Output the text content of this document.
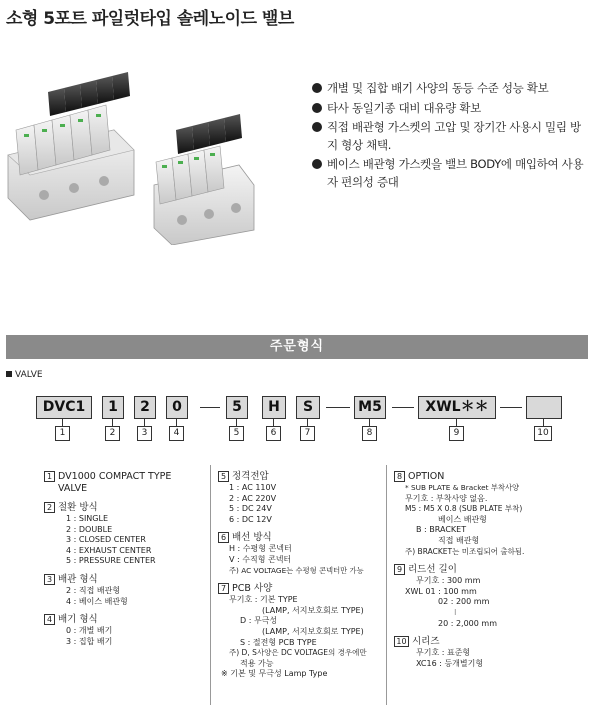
소형 5포트 파일럿타입 솔레노이드 밸브
개별 및 집합 배기 사양의 동등 수준 성능 확보
타사 동일기종 대비 대유량 확보
직접 배관형 가스켓의 고압 및 장기간 사용시 밀림 방지 형상 채택.
베이스 배관형 가스켓을 밸브 BODY에 매입하여 사용자 편의성 증대
주문형식
VALVE
DVC1	1	2	0	5	H	S	M5	XWL＊＊
1	2	3	4	5	6	7	8	9	10
1 DV1000 COMPACT TYPE
VALVE
2 절환 방식
1 : SINGLE
2 : DOUBLE
3 : CLOSED CENTER
4 : EXHAUST CENTER
5 : PRESSURE CENTER
3 배관 형식
2 : 직접 배관형
4 : 베이스 배관형
4 배기 형식
0 : 개별 배기
3 : 집합 배기
5 정격전압
1 : AC 110V
2 : AC 220V
5 : DC 24V
6 : DC 12V
6 배선 방식
H : 수평형 콘넥터
V : 수직형 콘넥터
주) AC VOLTAGE는 수평형 콘넥터만 가능
7 PCB 사양
무기호 : 기본 TYPE
(LAMP, 서지보호회로 TYPE)
D : 무극성
(LAMP, 서지보호회로 TYPE)
S : 절전형 PCB TYPE
주) D, S사양은 DC VOLTAGE의 경우에만
적용 가능
※ 기본 및 무극성 Lamp Type
8 OPTION
* SUB PLATE & Bracket 부착사양
무기호 : 부착사양 없음.
M5 : M5 X 0.8 (SUB PLATE 부착)
베이스 배관형
B : BRACKET
직접 배관형
주) BRACKET는 미조립되어 출하됨.
9 리드선 길이
무기호 : 300 mm
XWL 01 : 100 mm
02 : 200 mm
⁝
20 : 2,000 mm
10 시리즈
무기호 : 표준형
XC16 : 등개별기형
